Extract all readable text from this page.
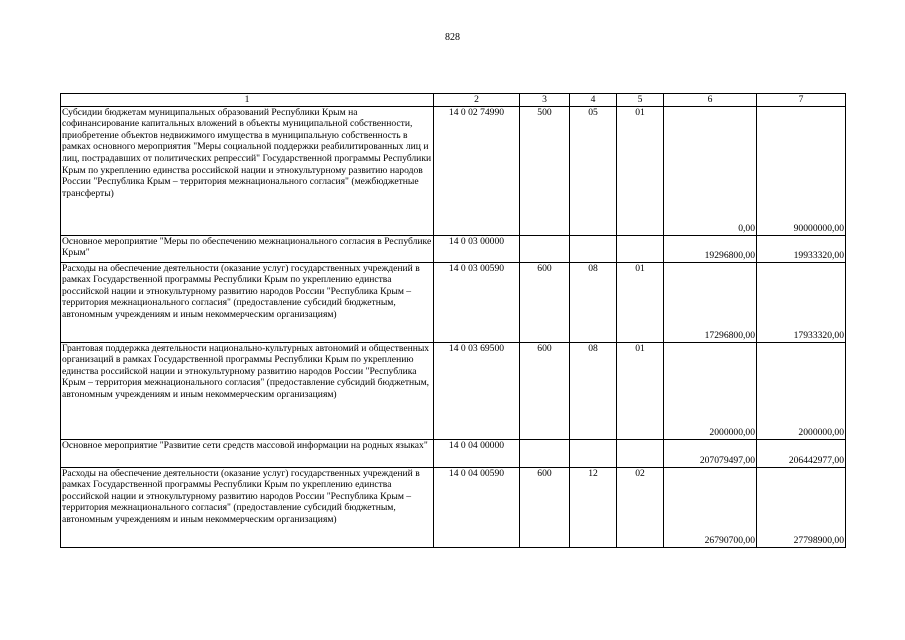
828
1	2	3	4	5	6	7
Субсидии бюджетам муниципальных образований Республики Крым на софинансирование капитальных вложений в объекты муниципальной собственности, приобретение объектов недвижимого имущества в муниципальную собственность в рамках основного мероприятия "Меры социальной поддержки реабилитированных лиц и лиц, пострадавших от политических репрессий" Государственной программы Республики Крым по укреплению единства российской нации и этнокультурному развитию народов России "Республика Крым – территория межнационального согласия" (межбюджетные трансферты)	14 0 02 74990	500	05	01	0,00	90000000,00
Основное мероприятие "Меры по обеспечению межнационального согласия в Республике Крым"	14 0 03 00000				19296800,00	19933320,00
Расходы на обеспечение деятельности (оказание услуг) государственных учреждений в рамках Государственной программы Республики Крым по укреплению единства российской нации и этнокультурному развитию народов России "Республика Крым – территория межнационального согласия" (предоставление субсидий бюджетным, автономным учреждениям и иным некоммерческим организациям)	14 0 03 00590	600	08	01	17296800,00	17933320,00
Грантовая поддержка деятельности национально-культурных автономий и общественных организаций в рамках Государственной программы Республики Крым по укреплению единства российской нации и этнокультурному развитию народов России "Республика Крым – территория межнационального согласия" (предоставление субсидий бюджетным, автономным учреждениям и иным некоммерческим организациям)	14 0 03 69500	600	08	01	2000000,00	2000000,00
Основное мероприятие "Развитие сети средств массовой информации на родных языках"	14 0 04 00000				207079497,00	206442977,00
Расходы на обеспечение деятельности (оказание услуг) государственных учреждений в рамках Государственной программы Республики Крым по укреплению единства российской нации и этнокультурному развитию народов России "Республика Крым – территория межнационального согласия" (предоставление субсидий бюджетным, автономным учреждениям и иным некоммерческим организациям)	14 0 04 00590	600	12	02	26790700,00	27798900,00
